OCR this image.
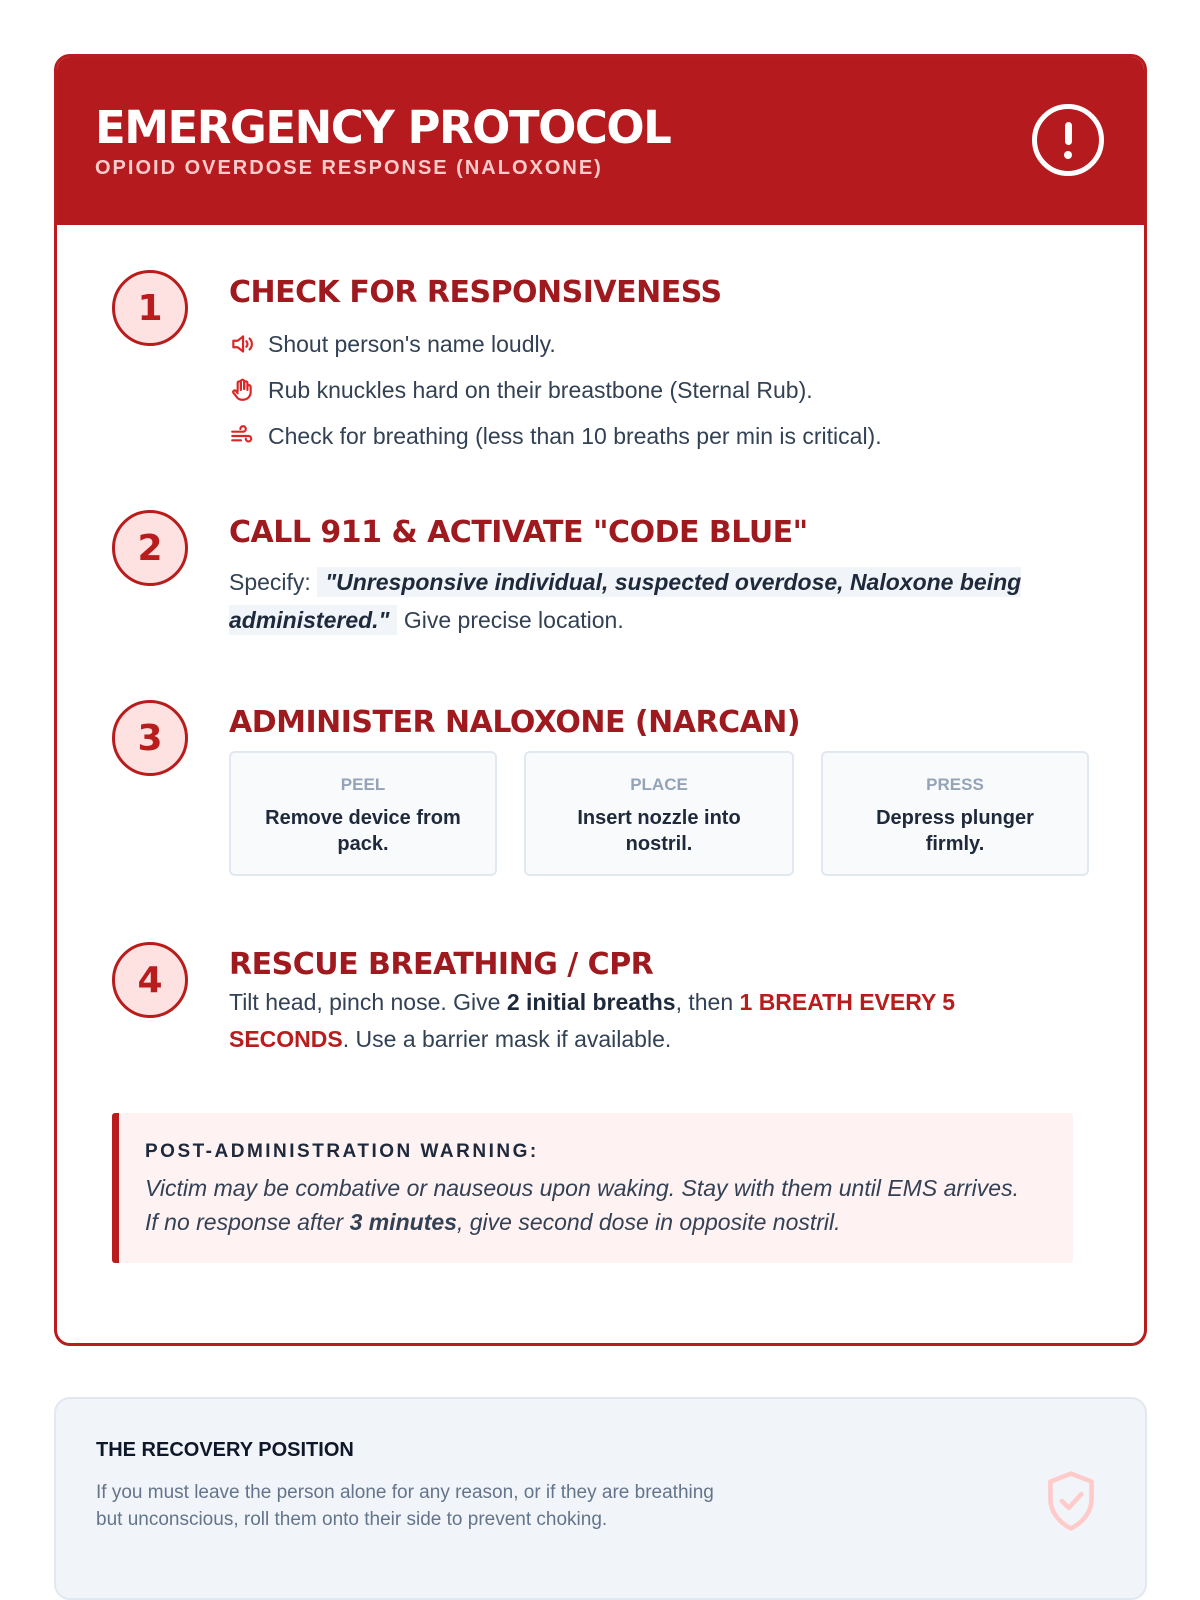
EMERGENCY PROTOCOL
OPIOID OVERDOSE RESPONSE (NALOXONE)
1	CHECK FOR RESPONSIVENESS
Shout person's name loudly.
Rub knuckles hard on their breastbone (Sternal Rub).
Check for breathing (less than 10 breaths per min is critical).
2	CALL 911 & ACTIVATE "CODE BLUE"
Specify: "Unresponsive individual, suspected overdose, Naloxone being administered." Give precise location.
3	ADMINISTER NALOXONE (NARCAN)
PEEL
Remove device from pack.
PLACE
Insert nozzle into nostril.
PRESS
Depress plunger firmly.
4	RESCUE BREATHING / CPR
Tilt head, pinch nose. Give 2 initial breaths, then 1 BREATH EVERY 5 SECONDS. Use a barrier mask if available.
POST-ADMINISTRATION WARNING:
Victim may be combative or nauseous upon waking. Stay with them until EMS arrives. If no response after 3 minutes, give second dose in opposite nostril.
THE RECOVERY POSITION
If you must leave the person alone for any reason, or if they are breathing but unconscious, roll them onto their side to prevent choking.
